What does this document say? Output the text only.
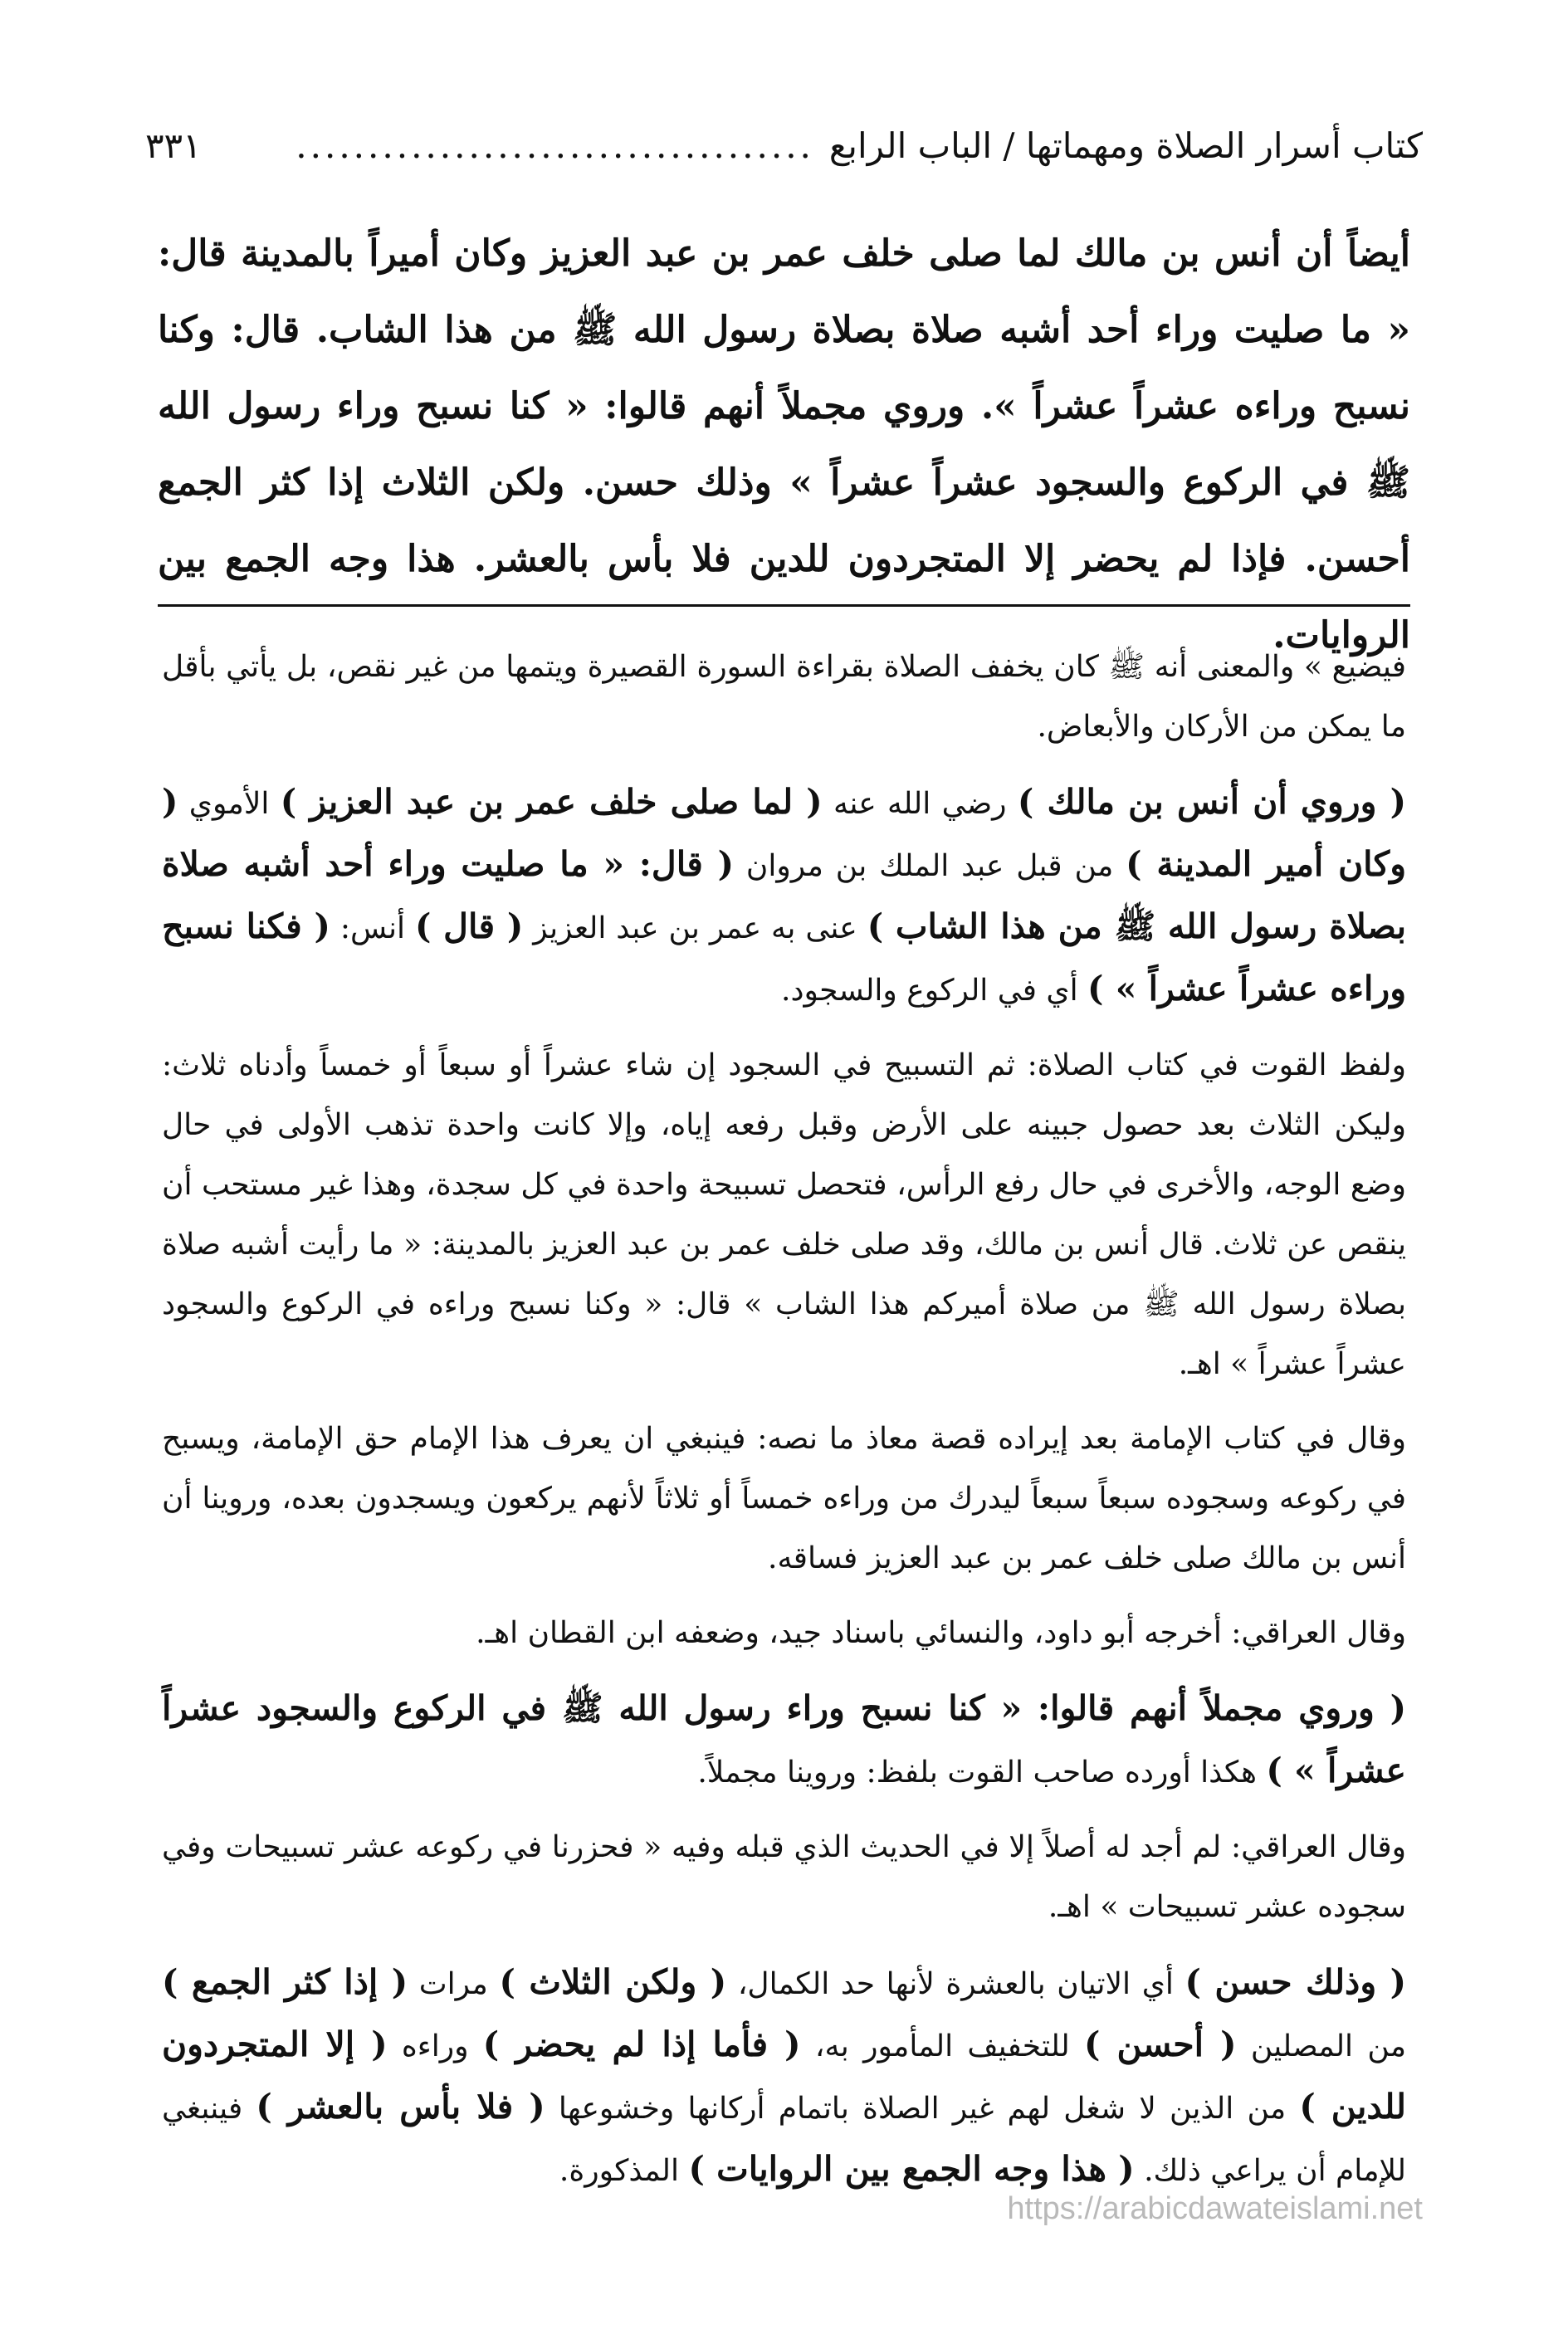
كتاب أسرار الصلاة ومهماتها / الباب الرابع
....................................
٣٣١
أيضاً أن أنس بن مالك لما صلى خلف عمر بن عبد العزيز وكان أميراً بالمدينة قال: « ما صليت وراء أحد أشبه صلاة بصلاة رسول الله ﷺ من هذا الشاب. قال: وكنا نسبح وراءه عشراً عشراً ». وروي مجملاً أنهم قالوا: « كنا نسبح وراء رسول الله ﷺ في الركوع والسجود عشراً عشراً » وذلك حسن. ولكن الثلاث إذا كثر الجمع أحسن. فإذا لم يحضر إلا المتجردون للدين فلا بأس بالعشر. هذا وجه الجمع بين الروايات.

فيضيع » والمعنى أنه ﷺ كان يخفف الصلاة بقراءة السورة القصيرة ويتمها من غير نقص، بل يأتي بأقل ما يمكن من الأركان والأبعاض.

( وروي أن أنس بن مالك ) رضي الله عنه ( لما صلى خلف عمر بن عبد العزيز ) الأموي ( وكان أمير المدينة ) من قبل عبد الملك بن مروان ( قال: « ما صليت وراء أحد أشبه صلاة بصلاة رسول الله ﷺ من هذا الشاب ) عنى به عمر بن عبد العزيز ( قال ) أنس: ( فكنا نسبح وراءه عشراً عشراً » ) أي في الركوع والسجود.

ولفظ القوت في كتاب الصلاة: ثم التسبيح في السجود إن شاء عشراً أو سبعاً أو خمساً وأدناه ثلاث: وليكن الثلاث بعد حصول جبينه على الأرض وقبل رفعه إياه، وإلا كانت واحدة تذهب الأولى في حال وضع الوجه، والأخرى في حال رفع الرأس، فتحصل تسبيحة واحدة في كل سجدة، وهذا غير مستحب أن ينقص عن ثلاث. قال أنس بن مالك، وقد صلى خلف عمر بن عبد العزيز بالمدينة: « ما رأيت أشبه صلاة بصلاة رسول الله ﷺ من صلاة أميركم هذا الشاب » قال: « وكنا نسبح وراءه في الركوع والسجود عشراً عشراً » اهـ.

وقال في كتاب الإمامة بعد إيراده قصة معاذ ما نصه: فينبغي ان يعرف هذا الإمام حق الإمامة، ويسبح في ركوعه وسجوده سبعاً سبعاً ليدرك من وراءه خمساً أو ثلاثاً لأنهم يركعون ويسجدون بعده، وروينا أن أنس بن مالك صلى خلف عمر بن عبد العزيز فساقه.

وقال العراقي: أخرجه أبو داود، والنسائي باسناد جيد، وضعفه ابن القطان اهـ.

( وروي مجملاً أنهم قالوا: « كنا نسبح وراء رسول الله ﷺ في الركوع والسجود عشراً عشراً » ) هكذا أورده صاحب القوت بلفظ: وروينا مجملاً.

وقال العراقي: لم أجد له أصلاً إلا في الحديث الذي قبله وفيه « فحزرنا في ركوعه عشر تسبيحات وفي سجوده عشر تسبيحات » اهـ.

( وذلك حسن ) أي الاتيان بالعشرة لأنها حد الكمال، ( ولكن الثلاث ) مرات ( إذا كثر الجمع ) من المصلين ( أحسن ) للتخفيف المأمور به، ( فأما إذا لم يحضر ) وراءه ( إلا المتجردون للدين ) من الذين لا شغل لهم غير الصلاة باتمام أركانها وخشوعها ( فلا بأس بالعشر ) فينبغي للإمام أن يراعي ذلك. ( هذا وجه الجمع بين الروايات ) المذكورة.

https://arabicdawateislami.net
